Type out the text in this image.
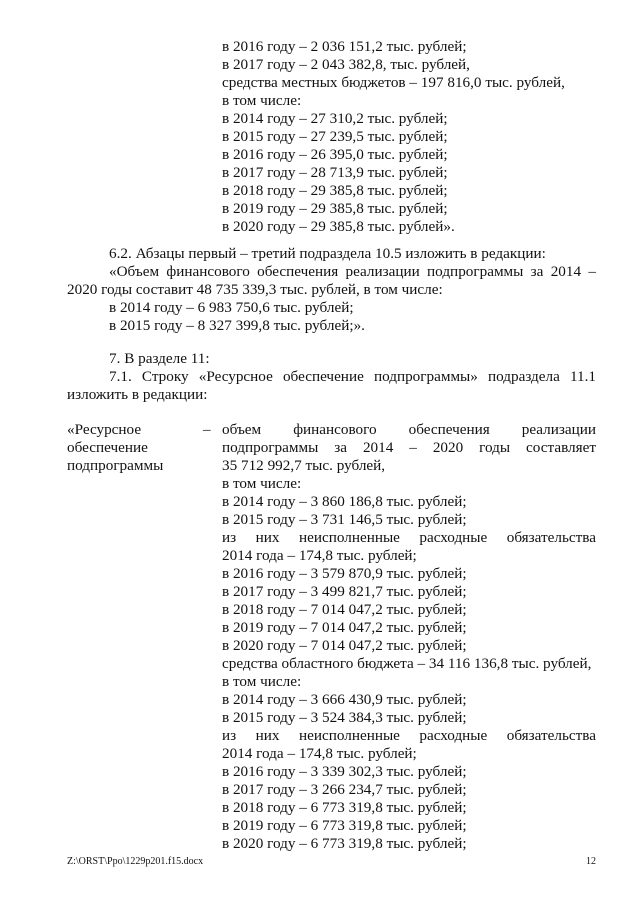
в 2016 году – 2 036 151,2 тыс. рублей;
в 2017 году – 2 043 382,8, тыс. рублей,
средства местных бюджетов – 197 816,0 тыс. рублей,
в том числе:
в 2014 году – 27 310,2 тыс. рублей;
в 2015 году – 27 239,5 тыс. рублей;
в 2016 году – 26 395,0 тыс. рублей;
в 2017 году – 28 713,9 тыс. рублей;
в 2018 году – 29 385,8 тыс. рублей;
в 2019 году – 29 385,8 тыс. рублей;
в 2020 году – 29 385,8 тыс. рублей».
6.2. Абзацы первый – третий подраздела 10.5 изложить в редакции:
«Объем финансового обеспечения реализации подпрограммы за 2014 –
2020 годы составит 48 735 339,3 тыс. рублей, в том числе:
в 2014 году – 6 983 750,6 тыс. рублей;
в 2015 году – 8 327 399,8 тыс. рублей;».
7. В разделе 11:
7.1. Строку «Ресурсное обеспечение подпрограммы» подраздела 11.1
изложить в редакции:
«Ресурсное
обеспечение
подпрограммы
– объем финансового обеспечения реализации
подпрограммы за 2014 – 2020 годы составляет
35 712 992,7 тыс. рублей,
в том числе:
в 2014 году – 3 860 186,8 тыс. рублей;
в 2015 году – 3 731 146,5 тыс. рублей;
из них неисполненные расходные обязательства
2014 года – 174,8 тыс. рублей;
в 2016 году – 3 579 870,9 тыс. рублей;
в 2017 году – 3 499 821,7 тыс. рублей;
в 2018 году – 7 014 047,2 тыс. рублей;
в 2019 году – 7 014 047,2 тыс. рублей;
в 2020 году – 7 014 047,2 тыс. рублей;
средства областного бюджета – 34 116 136,8 тыс. рублей,
в том числе:
в 2014 году – 3 666 430,9 тыс. рублей;
в 2015 году – 3 524 384,3 тыс. рублей;
из них неисполненные расходные обязательства
2014 года – 174,8 тыс. рублей;
в 2016 году – 3 339 302,3 тыс. рублей;
в 2017 году – 3 266 234,7 тыс. рублей;
в 2018 году – 6 773 319,8 тыс. рублей;
в 2019 году – 6 773 319,8 тыс. рублей;
в 2020 году – 6 773 319,8 тыс. рублей;
Z:\ORST\Ppo\1229p201.f15.docx	12
